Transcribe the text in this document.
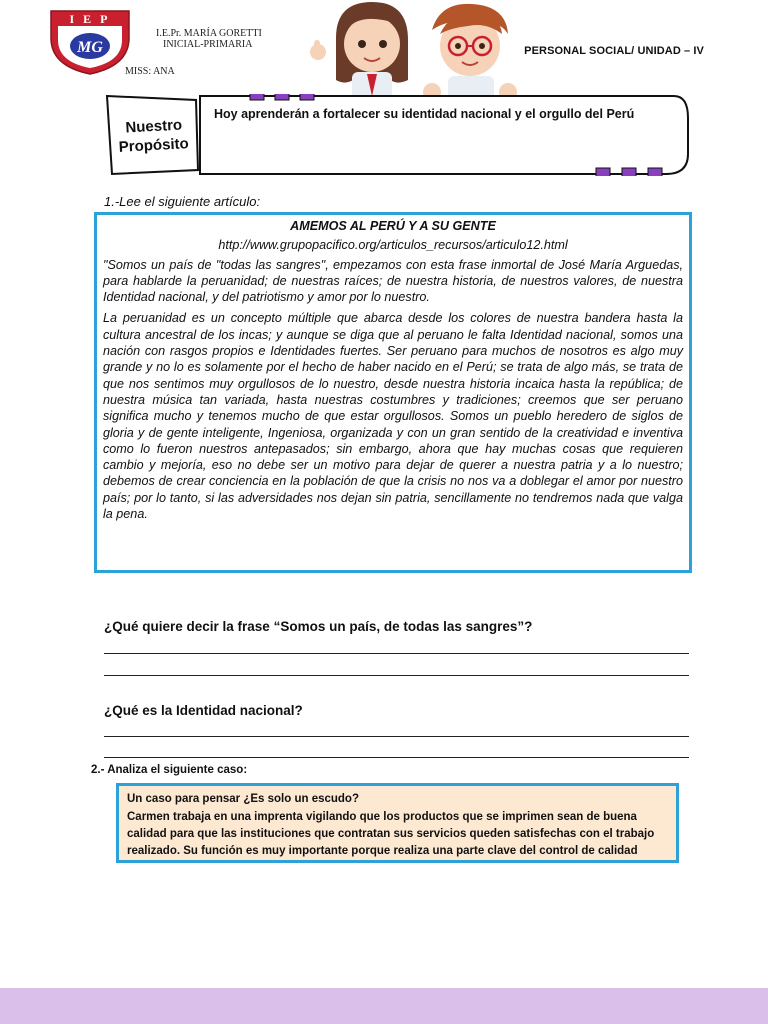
I E P
MG
I.E.Pr. MARÍA GORETTI
INICIAL-PRIMARIA
MISS: ANA
PERSONAL SOCIAL/ UNIDAD – IV
Nuestro
Propósito
Hoy aprenderán a fortalecer su identidad nacional y el orgullo del Perú
1.-Lee el siguiente artículo:
AMEMOS AL PERÚ Y A SU GENTE
http://www.grupopacifico.org/articulos_recursos/articulo12.html

"Somos un país de "todas las sangres", empezamos con esta frase inmortal de José María Arguedas, para hablarde la peruanidad; de nuestras raíces; de nuestra historia, de nuestros valores, de nuestra Identidad nacional, y del patriotismo y amor por lo nuestro.

La peruanidad es un concepto múltiple que abarca desde los colores de nuestra bandera hasta la cultura ancestral de los incas; y aunque se diga que al peruano le falta Identidad nacional, somos una nación con rasgos propios e Identidades fuertes. Ser peruano para muchos de nosotros es algo muy grande y no lo es solamente por el hecho de haber nacido en el Perú; se trata de algo más, se trata de que nos sentimos muy orgullosos de lo nuestro, desde nuestra historia incaica hasta la república; de nuestra música tan variada, hasta nuestras costumbres y tradiciones; creemos que ser peruano significa mucho y tenemos mucho de que estar orgullosos. Somos un pueblo heredero de siglos de gloria y de gente inteligente, Ingeniosa, organizada y con un gran sentido de la creatividad e inventiva como lo fueron nuestros antepasados; sin embargo, ahora que hay muchas cosas que requieren cambio y mejoría, eso no debe ser un motivo para dejar de querer a nuestra patria y a lo nuestro; debemos de crear conciencia en la población de que la crisis no nos va a doblegar el amor por nuestro país; por lo tanto, si las adversidades nos dejan sin patria, sencillamente no tendremos nada que valga la pena.

¿Qué quiere decir la frase “Somos un país, de todas las sangres”?
¿Qué es la Identidad nacional?
2.- Analiza el siguiente caso:
Un caso para pensar ¿Es solo un escudo?
Carmen trabaja en una imprenta vigilando que los productos que se imprimen sean de buena calidad para que las instituciones que contratan sus servicios queden satisfechas con el trabajo realizado. Su función es muy importante porque realiza una parte clave del control de calidad
